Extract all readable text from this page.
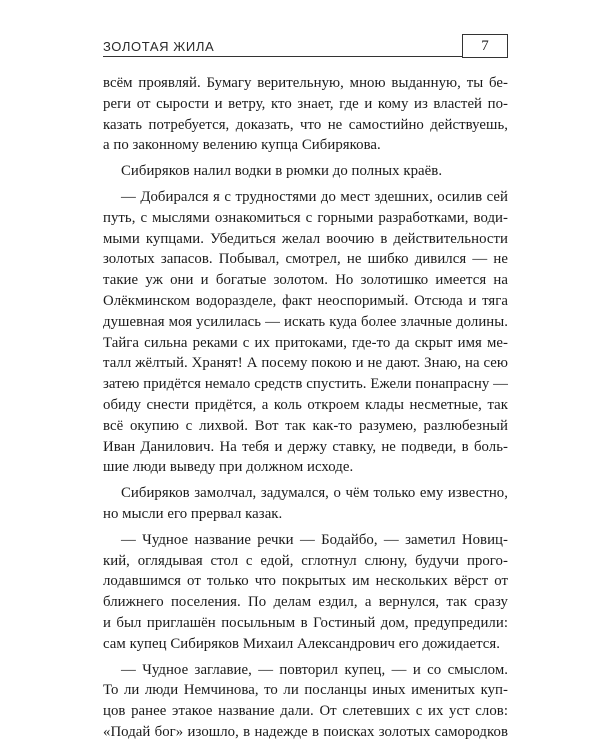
ЗОЛОТАЯ ЖИЛА	7
всём проявляй. Бумагу верительную, мною выданную, ты бе-
реги от сырости и ветру, кто знает, где и кому из властей по-
казать потребуется, доказать, что не самостийно действуешь,
а по законному велению купца Сибирякова.
Сибиряков налил водки в рюмки до полных краёв.
— Добирался я с трудностями до мест здешних, осилив сей
путь, с мыслями ознакомиться с горными разработками, води-
мыми купцами. Убедиться желал воочию в действительности
золотых запасов. Побывал, смотрел, не шибко дивился — не
такие уж они и богатые золотом. Но золотишко имеется на
Олёкминском водоразделе, факт неоспоримый. Отсюда и тяга
душевная моя усилилась — искать куда более злачные долины.
Тайга сильна реками с их притоками, где-то да скрыт имя ме-
талл жёлтый. Хранят! А посему покою и не дают. Знаю, на сею
затею придётся немало средств спустить. Ежели понапрасну —
обиду снести придётся, а коль откроем клады несметные, так
всё окупию с лихвой. Вот так как-то разумею, разлюбезный
Иван Данилович. На тебя и держу ставку, не подведи, в боль-
шие люди выведу при должном исходе.
Сибиряков замолчал, задумался, о чём только ему известно,
но мысли его прервал казак.
— Чудное название речки — Бодайбо, — заметил Новиц-
кий, оглядывая стол с едой, сглотнул слюну, будучи прого-
лодавшимся от только что покрытых им нескольких вёрст от
ближнего поселения. По делам ездил, а вернулся, так сразу
и был приглашён посыльным в Гостиный дом, предупредили:
сам купец Сибиряков Михаил Александрович его дожидается.
— Чудное заглавие, — повторил купец, — и со смыслом.
То ли люди Немчинова, то ли посланцы иных именитых куп-
цов ранее этакое название дали. От слетевших с их уст слов:
«Подай бог» изошло, в надежде в поисках золотых самородков
